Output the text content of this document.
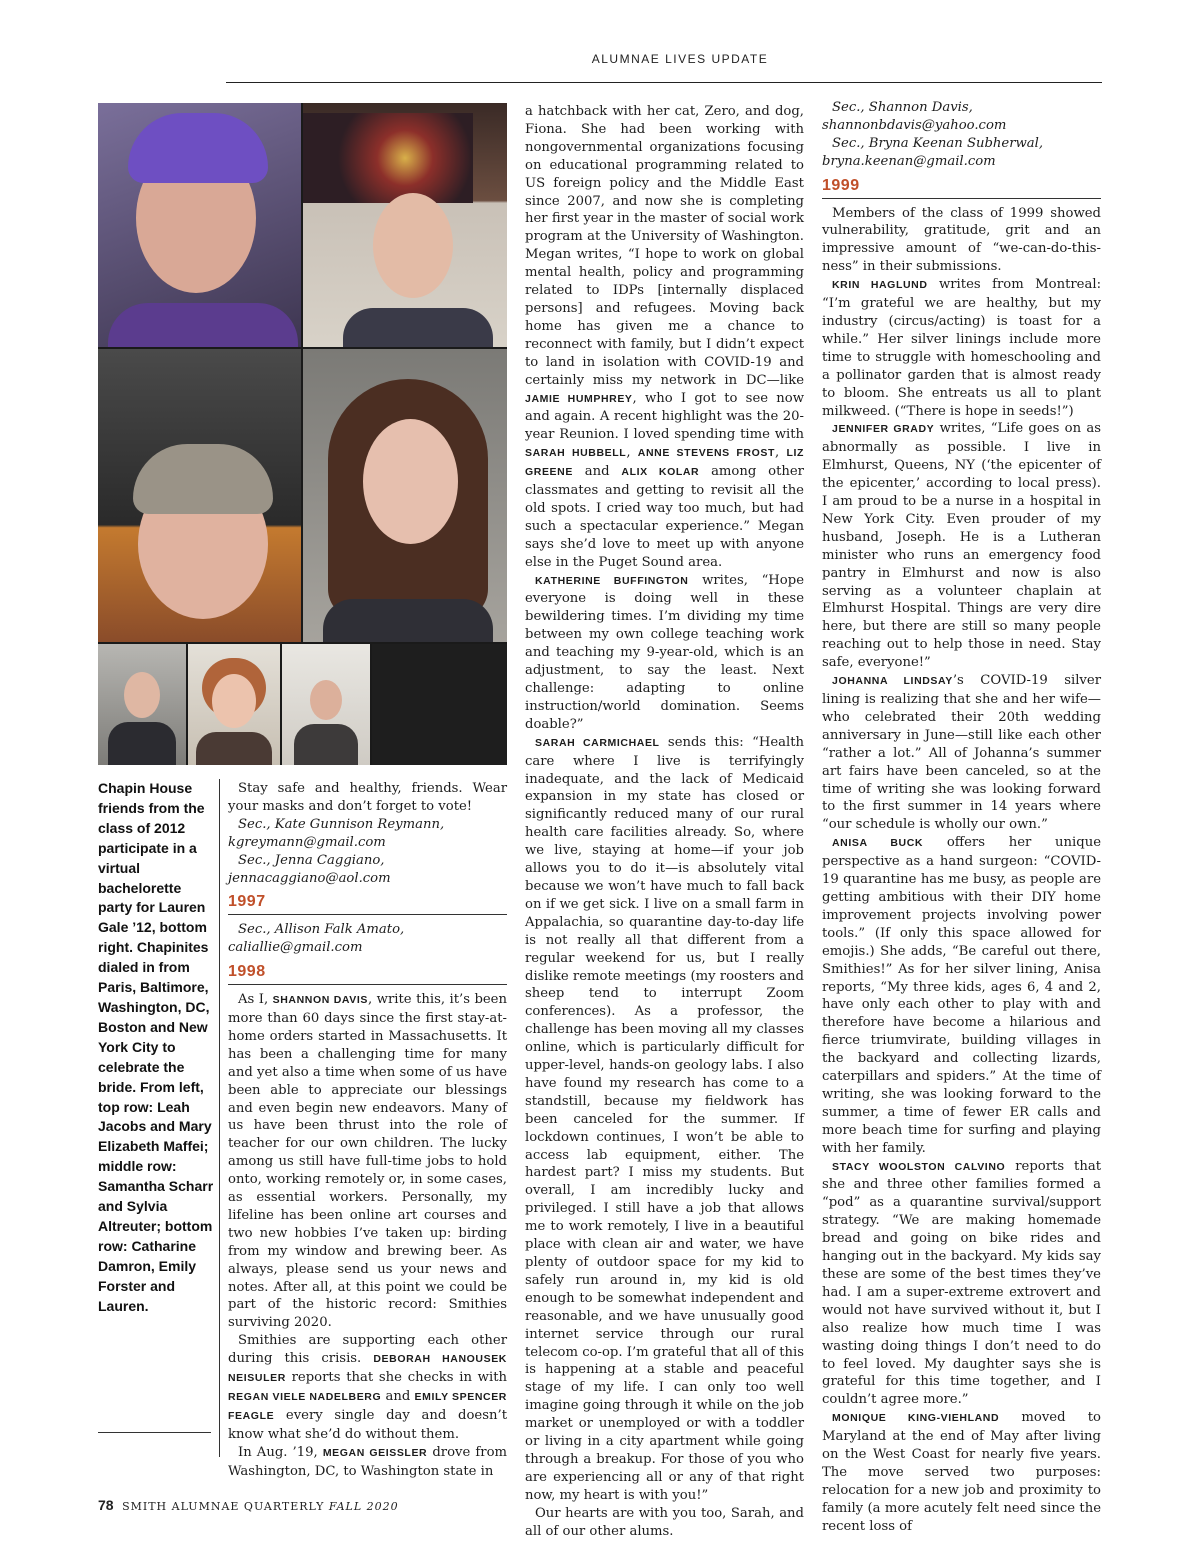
ALUMNAE LIVES UPDATE
Chapin House friends from the class of 2012 participate in a virtual bachelorette party for Lauren Gale ’12, bottom right. Chapinites dialed in from Paris, Baltimore, Washington, DC, Boston and New York City to celebrate the bride. From left, top row: Leah Jacobs and Mary Elizabeth Maffei; middle row: Samantha Scharr and Sylvia Altreuter; bottom row: Catharine Damron, Emily Forster and Lauren.

Stay safe and healthy, friends. Wear your masks and don’t forget to vote!

Sec., Kate Gunnison Reymann,

kgreymann@gmail.com

Sec., Jenna Caggiano,

jennacaggiano@aol.com

1997

Sec., Allison Falk Amato,

caliallie@gmail.com

1998

As I, SHANNON DAVIS, write this, it’s been more than 60 days since the first stay-at-home orders started in Massachusetts. It has been a challenging time for many and yet also a time when some of us have been able to appreciate our blessings and even begin new endeavors. Many of us have been thrust into the role of teacher for our own children. The lucky among us still have full-time jobs to hold onto, working remotely or, in some cases, as essential workers. Personally, my lifeline has been online art courses and two new hobbies I’ve taken up: birding from my window and brewing beer. As always, please send us your news and notes. After all, at this point we could be part of the historic record: Smithies surviving 2020.

Smithies are supporting each other during this crisis. DEBORAH HANOUSEK NEISULER reports that she checks in with REGAN VIELE NADELBERG and EMILY SPENCER FEAGLE every single day and doesn’t know what she’d do without them.

In Aug. ’19, MEGAN GEISSLER drove from Washington, DC, to Washington state in

a hatchback with her cat, Zero, and dog, Fiona. She had been working with nongovernmental organizations focusing on educational programming related to US foreign policy and the Middle East since 2007, and now she is completing her first year in the master of social work program at the University of Washington. Megan writes, “I hope to work on global mental health, policy and programming related to IDPs [internally displaced persons] and refugees. Moving back home has given me a chance to reconnect with family, but I didn’t expect to land in isolation with COVID-19 and certainly miss my network in DC—like JAMIE HUMPHREY, who I got to see now and again. A recent highlight was the 20-year Reunion. I loved spending time with SARAH HUBBELL, ANNE STEVENS FROST, LIZ GREENE and ALIX KOLAR among other classmates and getting to revisit all the old spots. I cried way too much, but had such a spectacular experience.” Megan says she’d love to meet up with anyone else in the Puget Sound area.

KATHERINE BUFFINGTON writes, “Hope everyone is doing well in these bewildering times. I’m dividing my time between my own college teaching work and teaching my 9-year-old, which is an adjustment, to say the least. Next challenge: adapting to online instruction/world domination. Seems doable?”

SARAH CARMICHAEL sends this: “Health care where I live is terrifyingly inadequate, and the lack of Medicaid expansion in my state has closed or significantly reduced many of our rural health care facilities already. So, where we live, staying at home—if your job allows you to do it—is absolutely vital because we won’t have much to fall back on if we get sick. I live on a small farm in Appalachia, so quarantine day-to-day life is not really all that different from a regular weekend for us, but I really dislike remote meetings (my roosters and sheep tend to interrupt Zoom conferences). As a professor, the challenge has been moving all my classes online, which is particularly difficult for upper-level, hands-on geology labs. I also have found my research has come to a standstill, because my fieldwork has been canceled for the summer. If lockdown continues, I won’t be able to access lab equipment, either. The hardest part? I miss my students. But overall, I am incredibly lucky and privileged. I still have a job that allows me to work remotely, I live in a beautiful place with clean air and water, we have plenty of outdoor space for my kid to safely run around in, my kid is old enough to be somewhat independent and reasonable, and we have unusually good internet service through our rural telecom co-op. I’m grateful that all of this is happening at a stable and peaceful stage of my life. I can only too well imagine going through it while on the job market or unemployed or with a toddler or living in a city apartment while going through a breakup. For those of you who are experiencing all or any of that right now, my heart is with you!”

Our hearts are with you too, Sarah, and all of our other alums.

Sec., Shannon Davis,

shannonbdavis@yahoo.com

Sec., Bryna Keenan Subherwal,

bryna.keenan@gmail.com

1999

Members of the class of 1999 showed vulnerability, gratitude, grit and an impressive amount of “we-can-do-this-ness” in their submissions.

KRIN HAGLUND writes from Montreal: “I’m grateful we are healthy, but my industry (circus/acting) is toast for a while.” Her silver linings include more time to struggle with homeschooling and a pollinator garden that is almost ready to bloom. She entreats us all to plant milkweed. (“There is hope in seeds!”)

JENNIFER GRADY writes, “Life goes on as abnormally as possible. I live in Elmhurst, Queens, NY (‘the epicenter of the epicenter,’ according to local press). I am proud to be a nurse in a hospital in New York City. Even prouder of my husband, Joseph. He is a Lutheran minister who runs an emergency food pantry in Elmhurst and now is also serving as a volunteer chaplain at Elmhurst Hospital. Things are very dire here, but there are still so many people reaching out to help those in need. Stay safe, everyone!”

JOHANNA LINDSAY’s COVID-19 silver lining is realizing that she and her wife—who celebrated their 20th wedding anniversary in June—still like each other “rather a lot.” All of Johanna’s summer art fairs have been canceled, so at the time of writing she was looking forward to the first summer in 14 years where “our schedule is wholly our own.”

ANISA BUCK offers her unique perspective as a hand surgeon: “COVID-19 quarantine has me busy, as people are getting ambitious with their DIY home improvement projects involving power tools.” (If only this space allowed for emojis.) She adds, “Be careful out there, Smithies!” As for her silver lining, Anisa reports, “My three kids, ages 6, 4 and 2, have only each other to play with and therefore have become a hilarious and fierce triumvirate, building villages in the backyard and collecting lizards, caterpillars and spiders.” At the time of writing, she was looking forward to the summer, a time of fewer ER calls and more beach time for surfing and playing with her family.

STACY WOOLSTON CALVINO reports that she and three other families formed a “pod” as a quarantine survival/support strategy. “We are making homemade bread and going on bike rides and hanging out in the backyard. My kids say these are some of the best times they’ve had. I am a super-extreme extrovert and would not have survived without it, but I also realize how much time I was wasting doing things I don’t need to do to feel loved. My daughter says she is grateful for this time together, and I couldn’t agree more.”

MONIQUE KING-VIEHLAND moved to Maryland at the end of May after living on the West Coast for nearly five years. The move served two purposes: relocation for a new job and proximity to family (a more acutely felt need since the recent loss of

78 SMITH ALUMNAE QUARTERLY FALL 2020
